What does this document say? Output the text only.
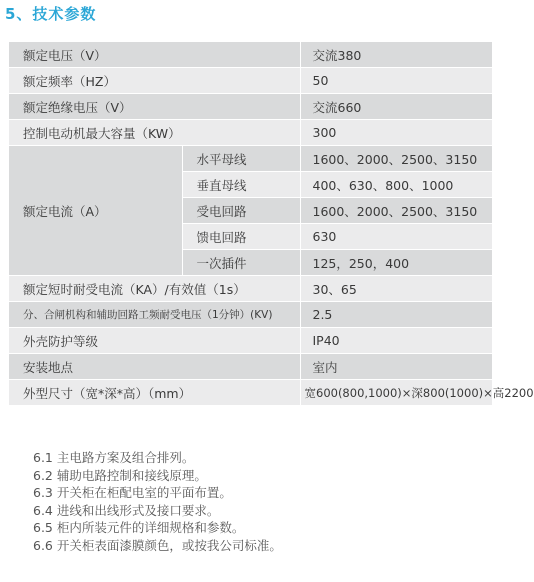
5、技术参数
额定电压（V）		交流380
额定频率（HZ）		50
额定绝缘电压（V）		交流660
控制电动机最大容量（KW）		300
额定电流（A）	水平母线	1600、2000、2500、3150
	垂直母线	400、630、800、1000
	受电回路	1600、2000、2500、3150
	馈电回路	630
	一次插件	125，250，400
额定短时耐受电流（KA）/有效值（1s）		30、65
分、合闸机构和辅助回路工频耐受电压（1分钟）(KV)		2.5
外壳防护等级		IP40
安装地点		室内
外型尺寸（宽*深*高）（mm）		宽600(800,1000)×深800(1000)×高2200
6.1 主电路方案及组合排列。
6.2 辅助电路控制和接线原理。
6.3 开关柜在柜配电室的平面布置。
6.4 进线和出线形式及接口要求。
6.5 柜内所装元件的详细规格和参数。
6.6 开关柜表面漆膜颜色，或按我公司标准。
